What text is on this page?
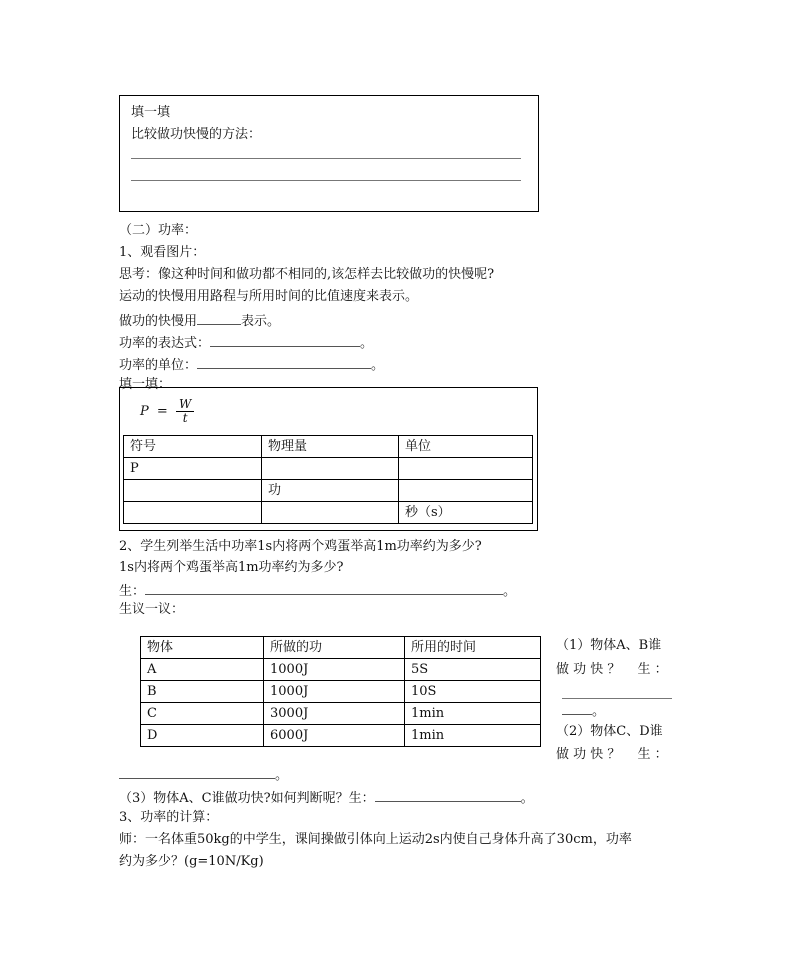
填一填
比较做功快慢的方法：
（二）功率：
1、观看图片：
思考：像这种时间和做功都不相同的,该怎样去比较做功的快慢呢?
运动的快慢用用路程与所用时间的比值速度来表示。
做功的快慢用	表示。
功率的表达式：	。
功率的单位：	。
填一填：
$P = \frac{W}{t}$
符号	物理量	单位
P		
	功	
		秒（s）
2、学生列举生活中功率1s内将两个鸡蛋举高1m功率约为多少?
1s内将两个鸡蛋举高1m功率约为多少?
生：	。
生议一议：
物体	所做的功	所用的时间
A	1000J	5S
B	1000J	10S
C	3000J	1min
D	6000J	1min
（1）物体A、B谁
做 功 快 ？　 生 ：
。
（2）物体C、D谁
做 功 快 ？　 生 ：
。
（3）物体A、C谁做功快?如何判断呢？生：	。
3、功率的计算：
师：一名体重50kg的中学生，课间操做引体向上运动2s内使自己身体升高了30cm，功率
约为多少？(g=10N/Kg)
